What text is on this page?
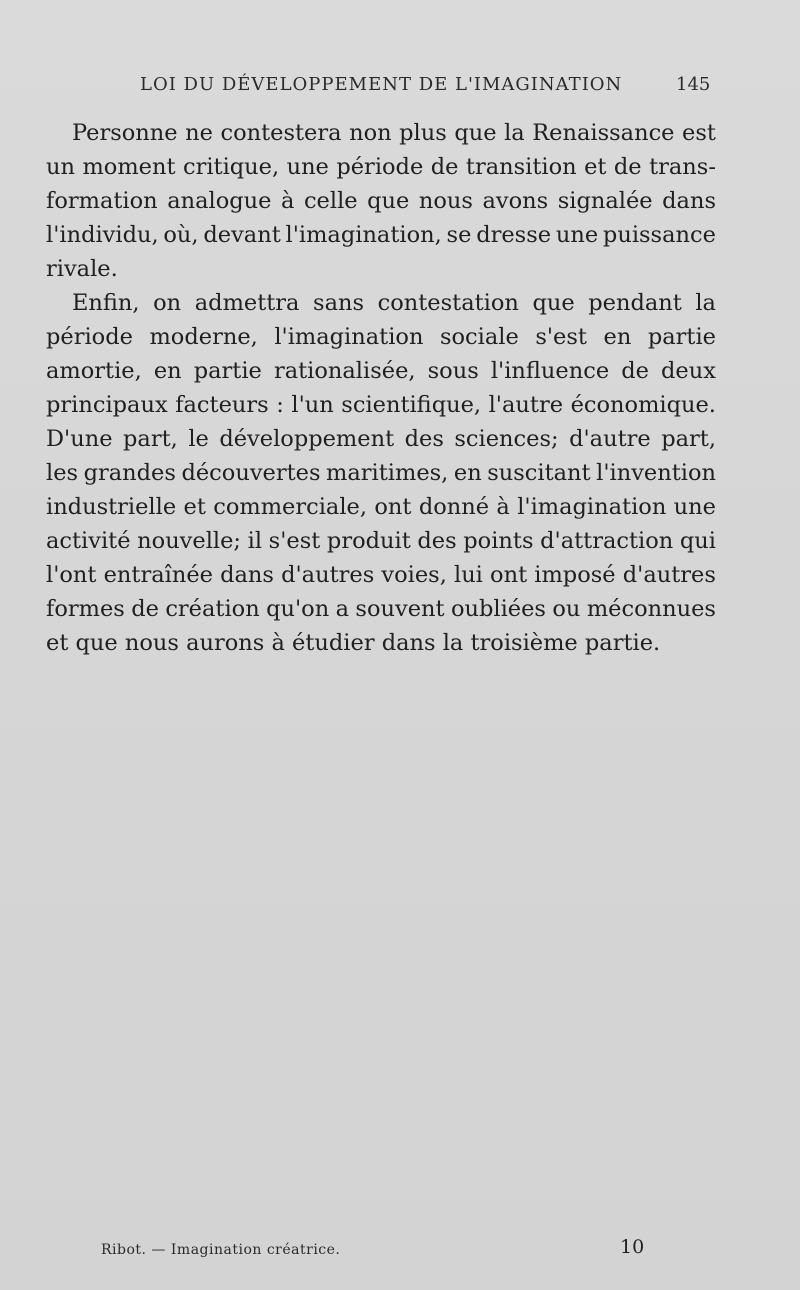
LOI DU DÉVELOPPEMENT DE L'IMAGINATION	145
Personne ne contestera non plus que la Renaissance est
un moment critique, une période de transition et de trans-
formation analogue à celle que nous avons signalée dans
l'individu, où, devant l'imagination, se dresse une puissance
rivale.
Enfin, on admettra sans contestation que pendant la
période moderne, l'imagination sociale s'est en partie
amortie, en partie rationalisée, sous l'influence de deux
principaux facteurs : l'un scientifique, l'autre économique.
D'une part, le développement des sciences; d'autre part,
les grandes découvertes maritimes, en suscitant l'invention
industrielle et commerciale, ont donné à l'imagination une
activité nouvelle; il s'est produit des points d'attraction qui
l'ont entraînée dans d'autres voies, lui ont imposé d'autres
formes de création qu'on a souvent oubliées ou méconnues
et que nous aurons à étudier dans la troisième partie.
Ribot. — Imagination créatrice.	10
